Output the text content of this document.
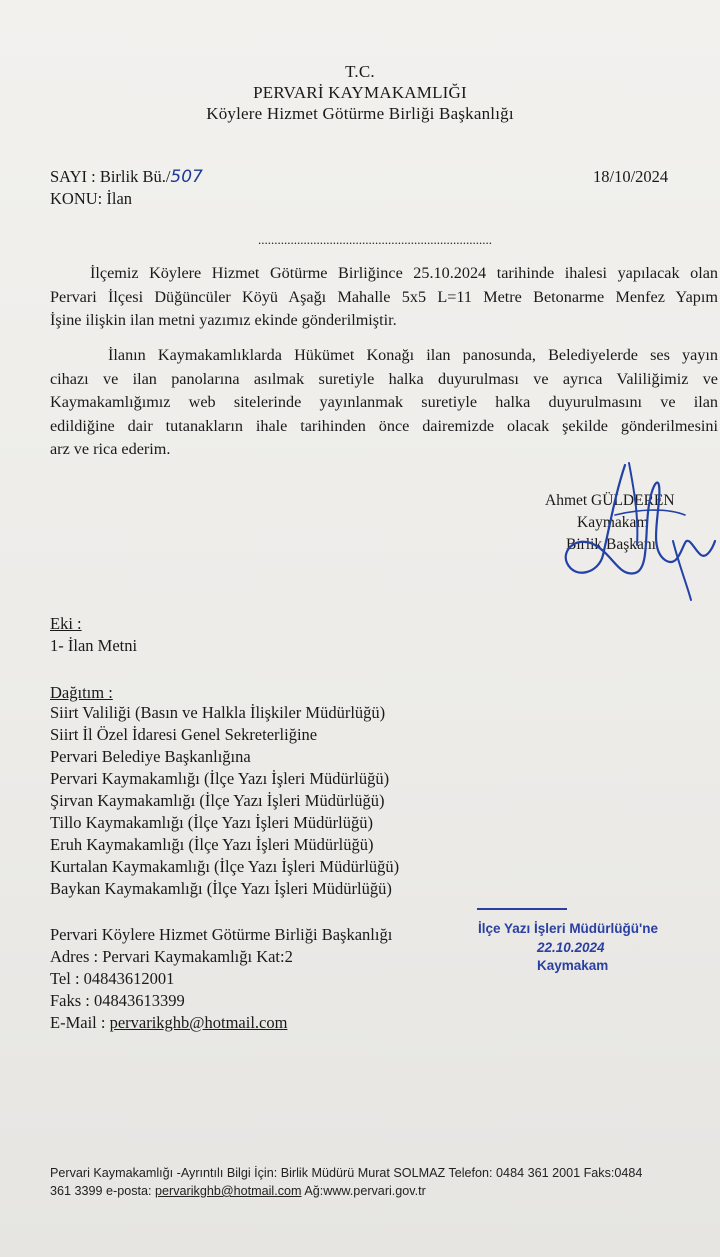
T.C.
PERVARİ KAYMAKAMLIĞI
Köylere Hizmet Götürme Birliği Başkanlığı
SAYI : Birlik Bü./507	18/10/2024
KONU: İlan
........................................................................
İlçemiz Köylere Hizmet Götürme Birliğince 25.10.2024 tarihinde ihalesi yapılacak olan
Pervari İlçesi Düğüncüler Köyü Aşağı Mahalle 5x5 L=11 Metre Betonarme Menfez Yapım
İşine ilişkin ilan metni yazımız ekinde gönderilmiştir.
İlanın Kaymakamlıklarda Hükümet Konağı ilan panosunda, Belediyelerde ses yayın
cihazı ve ilan panolarına asılmak suretiyle halka duyurulması ve ayrıca Valiliğimiz ve
Kaymakamlığımız web sitelerinde yayınlanmak suretiyle halka duyurulmasını ve ilan
edildiğine dair tutanakların ihale tarihinden önce dairemizde olacak şekilde gönderilmesini
arz ve rica ederim.
Ahmet GÜLDEREN
Kaymakam
Birlik Başkanı
Eki :
1- İlan Metni
Dağıtım :
Siirt Valiliği (Basın ve Halkla İlişkiler Müdürlüğü)
Siirt İl Özel İdaresi Genel Sekreterliğine
Pervari Belediye Başkanlığına
Pervari Kaymakamlığı (İlçe Yazı İşleri Müdürlüğü)
Şirvan Kaymakamlığı (İlçe Yazı İşleri Müdürlüğü)
Tillo Kaymakamlığı (İlçe Yazı İşleri Müdürlüğü)
Eruh Kaymakamlığı (İlçe Yazı İşleri Müdürlüğü)
Kurtalan Kaymakamlığı (İlçe Yazı İşleri Müdürlüğü)
Baykan Kaymakamlığı (İlçe Yazı İşleri Müdürlüğü)
Pervari Köylere Hizmet Götürme Birliği Başkanlığı
Adres : Pervari Kaymakamlığı Kat:2
Tel : 04843612001
Faks : 04843613399
E-Mail : pervarikghb@hotmail.com
İlçe Yazı İşleri Müdürlüğü'ne
22.10.2024
Kaymakam
Pervari Kaymakamlığı -Ayrıntılı Bilgi İçin: Birlik Müdürü Murat SOLMAZ Telefon: 0484 361 2001 Faks:0484
361 3399 e-posta: pervarikghb@hotmail.com Ağ:www.pervari.gov.tr
